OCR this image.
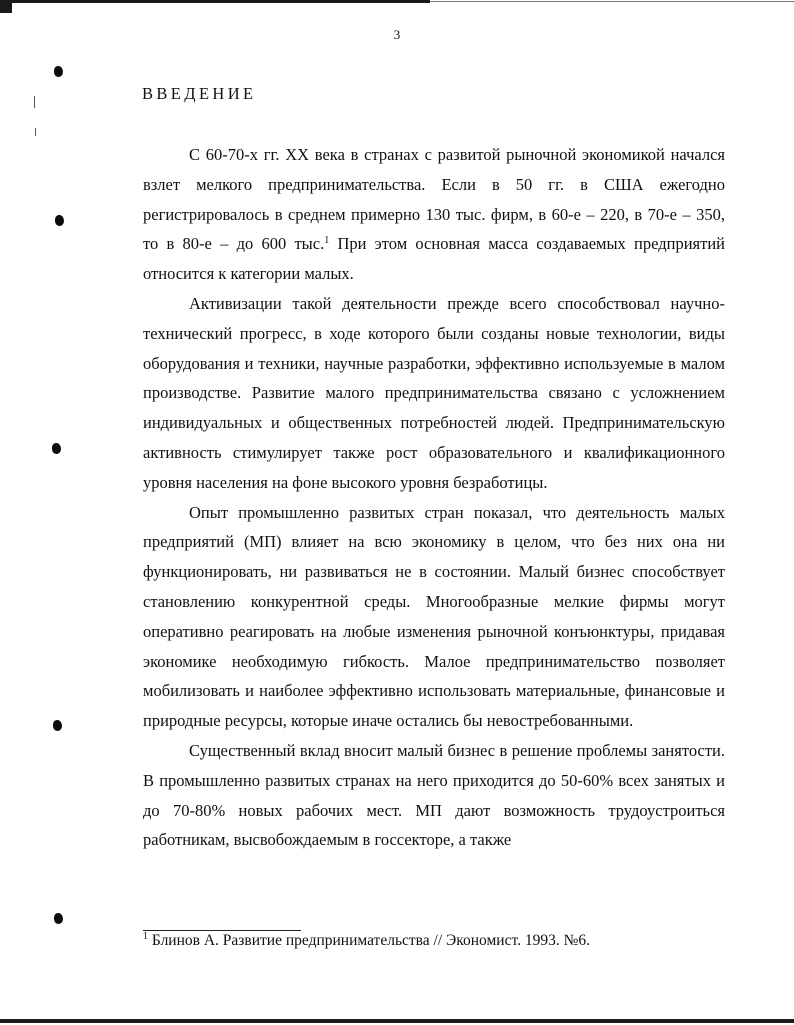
3
ВВЕДЕНИЕ

С 60-70-х гг. XX века в странах с развитой рыночной экономикой начался взлет мелкого предпринимательства. Если в 50 гг. в США ежегодно регистрировалось в среднем примерно 130 тыс. фирм, в 60-е – 220, в 70-е – 350, то в 80-е – до 600 тыс.$^1$ При этом основная масса создаваемых предприятий относится к категории малых.

Активизации такой деятельности прежде всего способствовал научно-технический прогресс, в ходе которого были созданы новые технологии, виды оборудования и техники, научные разработки, эффективно используемые в малом производстве. Развитие малого предпринимательства связано с усложнением индивидуальных и общественных потребностей людей. Предпринимательскую активность стимулирует также рост образовательного и квалификационного уровня населения на фоне высокого уровня безработицы.

Опыт промышленно развитых стран показал, что деятельность малых предприятий (МП) влияет на всю экономику в целом, что без них она ни функционировать, ни развиваться не в состоянии. Малый бизнес способствует становлению конкурентной среды. Многообразные мелкие фирмы могут оперативно реагировать на любые изменения рыночной конъюнктуры, придавая экономике необходимую гибкость. Малое предпринимательство позволяет мобилизовать и наиболее эффективно использовать материальные, финансовые и природные ресурсы, которые иначе остались бы невостребованными.

Существенный вклад вносит малый бизнес в решение проблемы занятости. В промышленно развитых странах на него приходится до 50-60% всех занятых и до 70-80% новых рабочих мест. МП дают возможность трудоустроиться работникам, высвобождаемым в госсекторе, а также

$^1$ Блинов А. Развитие предпринимательства // Экономист. 1993. №6.
